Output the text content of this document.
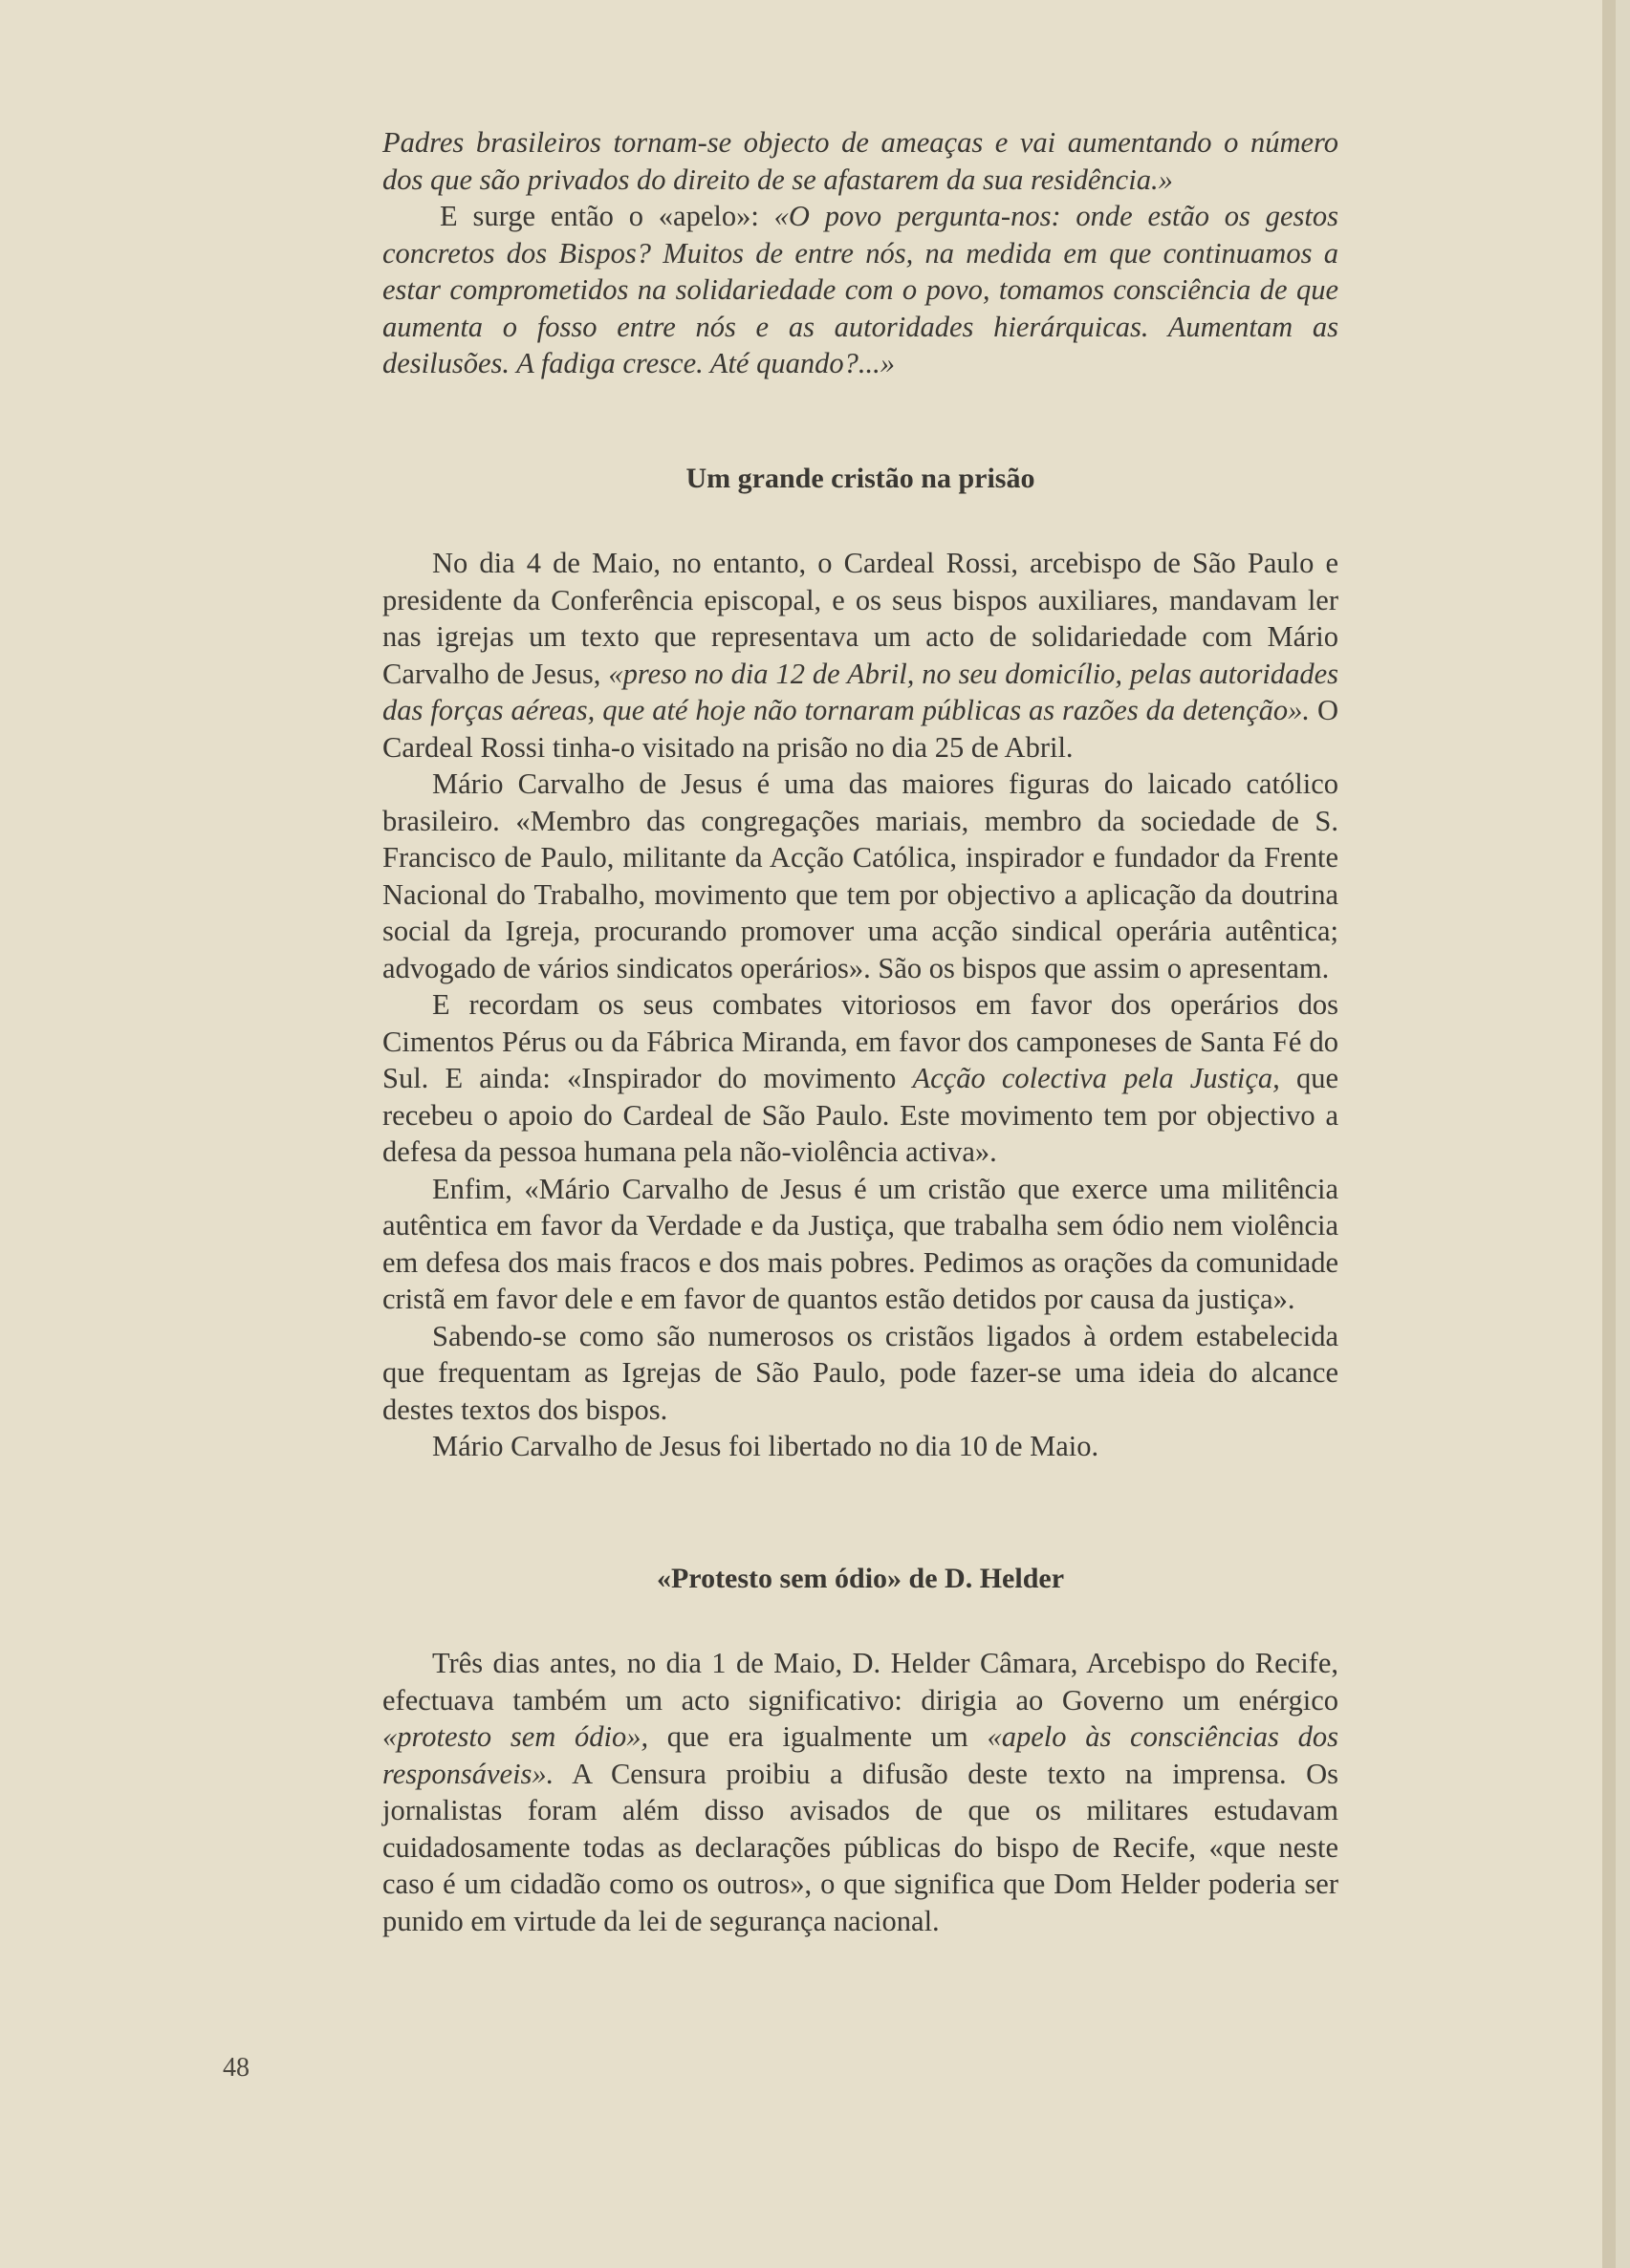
Padres brasileiros tornam-se objecto de ameaças e vai aumentando o número dos que são privados do direito de se afastarem da sua residência.»

E surge então o «apelo»: «O povo pergunta-nos: onde estão os gestos concretos dos Bispos? Muitos de entre nós, na medida em que continuamos a estar comprometidos na solidariedade com o povo, tomamos consciência de que aumenta o fosso entre nós e as autoridades hierárquicas. Aumentam as desilusões. A fadiga cresce. Até quando?...»

Um grande cristão na prisão

No dia 4 de Maio, no entanto, o Cardeal Rossi, arcebispo de São Paulo e presidente da Conferência episcopal, e os seus bispos auxiliares, mandavam ler nas igrejas um texto que representava um acto de solidariedade com Mário Carvalho de Jesus, «preso no dia 12 de Abril, no seu domicílio, pelas autoridades das forças aéreas, que até hoje não tornaram públicas as razões da detenção». O Cardeal Rossi tinha-o visitado na prisão no dia 25 de Abril.

Mário Carvalho de Jesus é uma das maiores figuras do laicado católico brasileiro. «Membro das congregações mariais, membro da sociedade de S. Francisco de Paulo, militante da Acção Católica, inspirador e fundador da Frente Nacional do Trabalho, movimento que tem por objectivo a aplicação da doutrina social da Igreja, procurando promover uma acção sindical operária autêntica; advogado de vários sindicatos operários». São os bispos que assim o apresentam.

E recordam os seus combates vitoriosos em favor dos operários dos Cimentos Pérus ou da Fábrica Miranda, em favor dos camponeses de Santa Fé do Sul. E ainda: «Inspirador do movimento Acção colectiva pela Justiça, que recebeu o apoio do Cardeal de São Paulo. Este movimento tem por objectivo a defesa da pessoa humana pela não-violência activa».

Enfim, «Mário Carvalho de Jesus é um cristão que exerce uma militência autêntica em favor da Verdade e da Justiça, que trabalha sem ódio nem violência em defesa dos mais fracos e dos mais pobres. Pedimos as orações da comunidade cristã em favor dele e em favor de quantos estão detidos por causa da justiça».

Sabendo-se como são numerosos os cristãos ligados à ordem estabelecida que frequentam as Igrejas de São Paulo, pode fazer-se uma ideia do alcance destes textos dos bispos.

Mário Carvalho de Jesus foi libertado no dia 10 de Maio.

«Protesto sem ódio» de D. Helder

Três dias antes, no dia 1 de Maio, D. Helder Câmara, Arcebispo do Recife, efectuava também um acto significativo: dirigia ao Governo um enérgico «protesto sem ódio», que era igualmente um «apelo às consciências dos responsáveis». A Censura proibiu a difusão deste texto na imprensa. Os jornalistas foram além disso avisados de que os militares estudavam cuidadosamente todas as declarações públicas do bispo de Recife, «que neste caso é um cidadão como os outros», o que significa que Dom Helder poderia ser punido em virtude da lei de segurança nacional.

48
